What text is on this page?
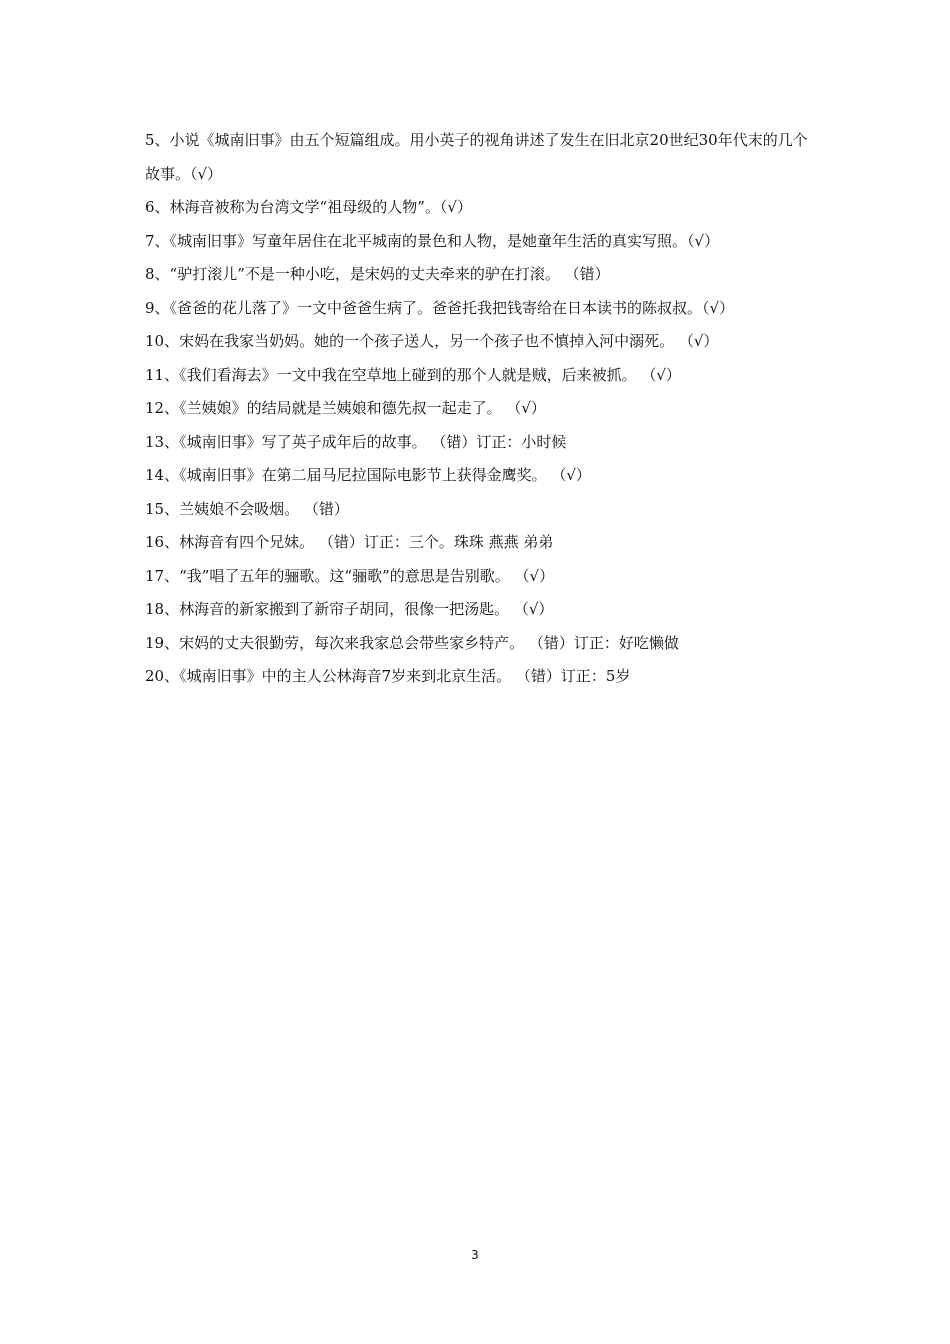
5、小说《城南旧事》由五个短篇组成。用小英子的视角讲述了发生在旧北京20世纪30年代末的几个故事。（√）

6、林海音被称为台湾文学“祖母级的人物”。（√）

7、《城南旧事》写童年居住在北平城南的景色和人物，是她童年生活的真实写照。（√）

8、“驴打滚儿”不是一种小吃，是宋妈的丈夫牵来的驴在打滚。 （错）

9、《爸爸的花儿落了》一文中爸爸生病了。爸爸托我把钱寄给在日本读书的陈叔叔。（√）

10、宋妈在我家当奶妈。她的一个孩子送人，另一个孩子也不慎掉入河中溺死。 （√）

11、《我们看海去》一文中我在空草地上碰到的那个人就是贼，后来被抓。 （√）

12、《兰姨娘》的结局就是兰姨娘和德先叔一起走了。 （√）

13、《城南旧事》写了英子成年后的故事。 （错）订正：小时候

14、《城南旧事》在第二届马尼拉国际电影节上获得金鹰奖。 （√）

15、兰姨娘不会吸烟。 （错）

16、林海音有四个兄妹。 （错）订正：三个。珠珠 燕燕 弟弟

17、“我”唱了五年的骊歌。这“骊歌”的意思是告别歌。 （√）

18、林海音的新家搬到了新帘子胡同，很像一把汤匙。 （√）

19、宋妈的丈夫很勤劳，每次来我家总会带些家乡特产。 （错）订正：好吃懒做

20、《城南旧事》中的主人公林海音7岁来到北京生活。 （错）订正：5岁

3
